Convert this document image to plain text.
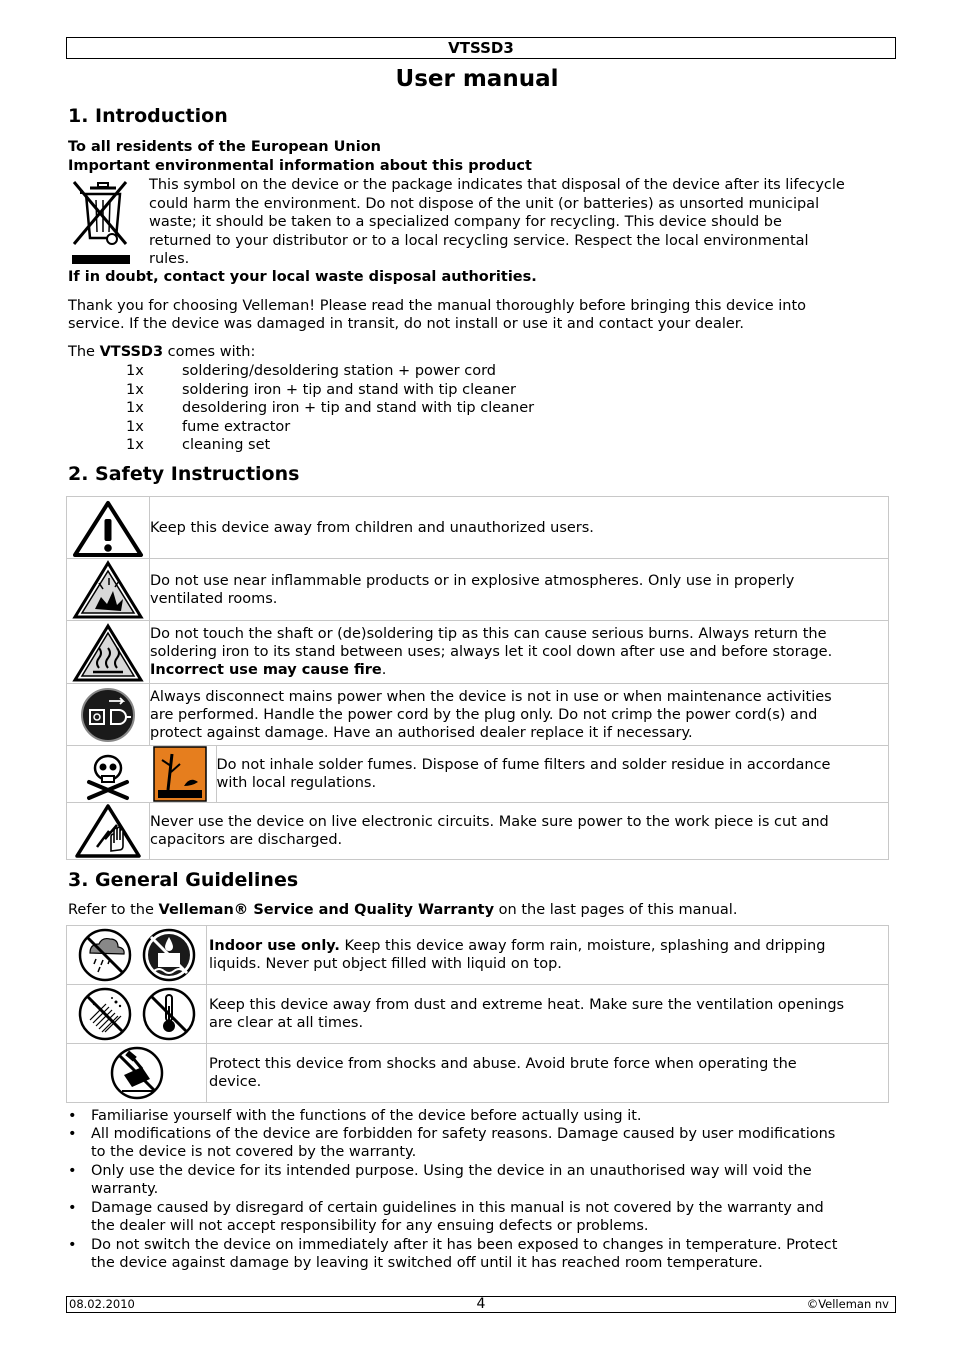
VTSSD3
User manual
1. Introduction
To all residents of the European Union
Important environmental information about this product
This symbol on the device or the package indicates that disposal of the device after its lifecycle
could harm the environment. Do not dispose of the unit (or batteries) as unsorted municipal
waste; it should be taken to a specialized company for recycling. This device should be
returned to your distributor or to a local recycling service. Respect the local environmental
rules.
If in doubt, contact your local waste disposal authorities.
Thank you for choosing Velleman! Please read the manual thoroughly before bringing this device into
service. If the device was damaged in transit, do not install or use it and contact your dealer.
The VTSSD3 comes with:
1x	soldering/desoldering station + power cord
1x	soldering iron + tip and stand with tip cleaner
1x	desoldering iron + tip and stand with tip cleaner
1x	fume extractor
1x	cleaning set
2. Safety Instructions

Keep this device away from children and unauthorized users.	

Do not use near inflammable products or in explosive atmospheres. Only use in properly
ventilated rooms.	

Do not touch the shaft or (de)soldering tip as this can cause serious burns. Always return the
soldering iron to its stand between uses; always let it cool down after use and before storage.
Incorrect use may cause fire.	

Always disconnect mains power when the device is not in use or when maintenance activities
are performed. Handle the power cord by the plug only. Do not crimp the power cord(s) and
protect against damage. Have an authorised dealer replace it if necessary.	

Do not inhale solder fumes. Dispose of fume filters and solder residue in accordance
with local regulations.

Never use the device on live electronic circuits. Make sure power to the work piece is cut and
capacitors are discharged.	
3. General Guidelines
Refer to the Velleman® Service and Quality Warranty on the last pages of this manual.

Indoor use only. Keep this device away form rain, moisture, splashing and dripping
liquids. Never put object filled with liquid on top.

Keep this device away from dust and extreme heat. Make sure the ventilation openings
are clear at all times.

Protect this device from shocks and abuse. Avoid brute force when operating the
device.
• Familiarise yourself with the functions of the device before actually using it.
• All modifications of the device are forbidden for safety reasons. Damage caused by user modifications
to the device is not covered by the warranty.
• Only use the device for its intended purpose. Using the device in an unauthorised way will void the
warranty.
• Damage caused by disregard of certain guidelines in this manual is not covered by the warranty and
the dealer will not accept responsibility for any ensuing defects or problems.
• Do not switch the device on immediately after it has been exposed to changes in temperature. Protect
the device against damage by leaving it switched off until it has reached room temperature.
08.02.2010	4	©Velleman nv
